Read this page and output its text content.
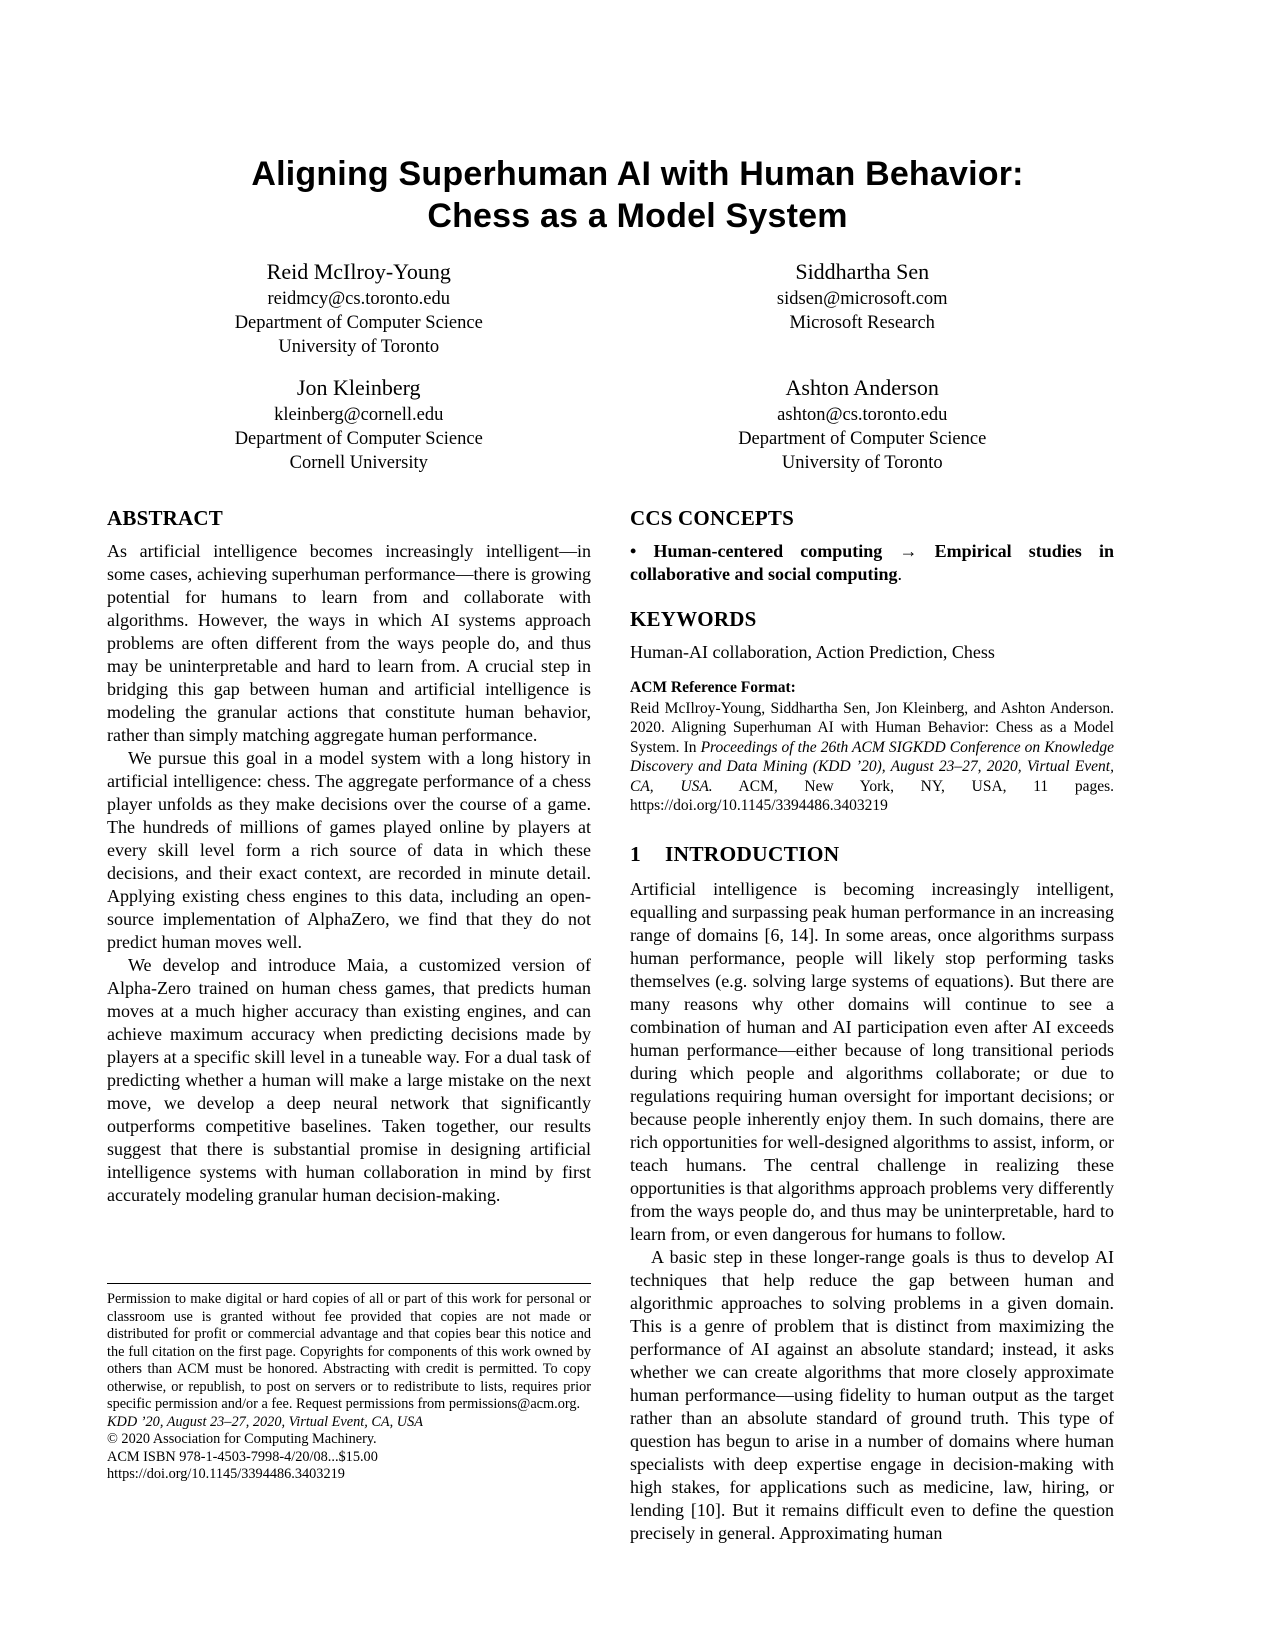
Aligning Superhuman AI with Human Behavior:
Chess as a Model System
Reid McIlroy-Young
reidmcy@cs.toronto.edu
Department of Computer Science
University of Toronto
Siddhartha Sen
sidsen@microsoft.com
Microsoft Research
Jon Kleinberg
kleinberg@cornell.edu
Department of Computer Science
Cornell University
Ashton Anderson
ashton@cs.toronto.edu
Department of Computer Science
University of Toronto
ABSTRACT

As artificial intelligence becomes increasingly intelligent—in some cases, achieving superhuman performance—there is growing potential for humans to learn from and collaborate with algorithms. However, the ways in which AI systems approach problems are often different from the ways people do, and thus may be uninterpretable and hard to learn from. A crucial step in bridging this gap between human and artificial intelligence is modeling the granular actions that constitute human behavior, rather than simply matching aggregate human performance.

We pursue this goal in a model system with a long history in artificial intelligence: chess. The aggregate performance of a chess player unfolds as they make decisions over the course of a game. The hundreds of millions of games played online by players at every skill level form a rich source of data in which these decisions, and their exact context, are recorded in minute detail. Applying existing chess engines to this data, including an open-source implementation of AlphaZero, we find that they do not predict human moves well.

We develop and introduce Maia, a customized version of Alpha-Zero trained on human chess games, that predicts human moves at a much higher accuracy than existing engines, and can achieve maximum accuracy when predicting decisions made by players at a specific skill level in a tuneable way. For a dual task of predicting whether a human will make a large mistake on the next move, we develop a deep neural network that significantly outperforms competitive baselines. Taken together, our results suggest that there is substantial promise in designing artificial intelligence systems with human collaboration in mind by first accurately modeling granular human decision-making.

CCS CONCEPTS

• Human-centered computing → Empirical studies in collaborative and social computing.

KEYWORDS

Human-AI collaboration, Action Prediction, Chess

ACM Reference Format:

Reid McIlroy-Young, Siddhartha Sen, Jon Kleinberg, and Ashton Anderson. 2020. Aligning Superhuman AI with Human Behavior: Chess as a Model System. In Proceedings of the 26th ACM SIGKDD Conference on Knowledge Discovery and Data Mining (KDD ’20), August 23–27, 2020, Virtual Event, CA, USA. ACM, New York, NY, USA, 11 pages. https://doi.org/10.1145/3394486.3403219

1 INTRODUCTION

Artificial intelligence is becoming increasingly intelligent, equalling and surpassing peak human performance in an increasing range of domains [6, 14]. In some areas, once algorithms surpass human performance, people will likely stop performing tasks themselves (e.g. solving large systems of equations). But there are many reasons why other domains will continue to see a combination of human and AI participation even after AI exceeds human performance—either because of long transitional periods during which people and algorithms collaborate; or due to regulations requiring human oversight for important decisions; or because people inherently enjoy them. In such domains, there are rich opportunities for well-designed algorithms to assist, inform, or teach humans. The central challenge in realizing these opportunities is that algorithms approach problems very differently from the ways people do, and thus may be uninterpretable, hard to learn from, or even dangerous for humans to follow.

A basic step in these longer-range goals is thus to develop AI techniques that help reduce the gap between human and algorithmic approaches to solving problems in a given domain. This is a genre of problem that is distinct from maximizing the performance of AI against an absolute standard; instead, it asks whether we can create algorithms that more closely approximate human performance—using fidelity to human output as the target rather than an absolute standard of ground truth. This type of question has begun to arise in a number of domains where human specialists with deep expertise engage in decision-making with high stakes, for applications such as medicine, law, hiring, or lending [10]. But it remains difficult even to define the question precisely in general. Approximating human

Permission to make digital or hard copies of all or part of this work for personal or classroom use is granted without fee provided that copies are not made or distributed for profit or commercial advantage and that copies bear this notice and the full citation on the first page. Copyrights for components of this work owned by others than ACM must be honored. Abstracting with credit is permitted. To copy otherwise, or republish, to post on servers or to redistribute to lists, requires prior specific permission and/or a fee. Request permissions from permissions@acm.org.

KDD ’20, August 23–27, 2020, Virtual Event, CA, USA

© 2020 Association for Computing Machinery.

ACM ISBN 978-1-4503-7998-4/20/08...$15.00

https://doi.org/10.1145/3394486.3403219
